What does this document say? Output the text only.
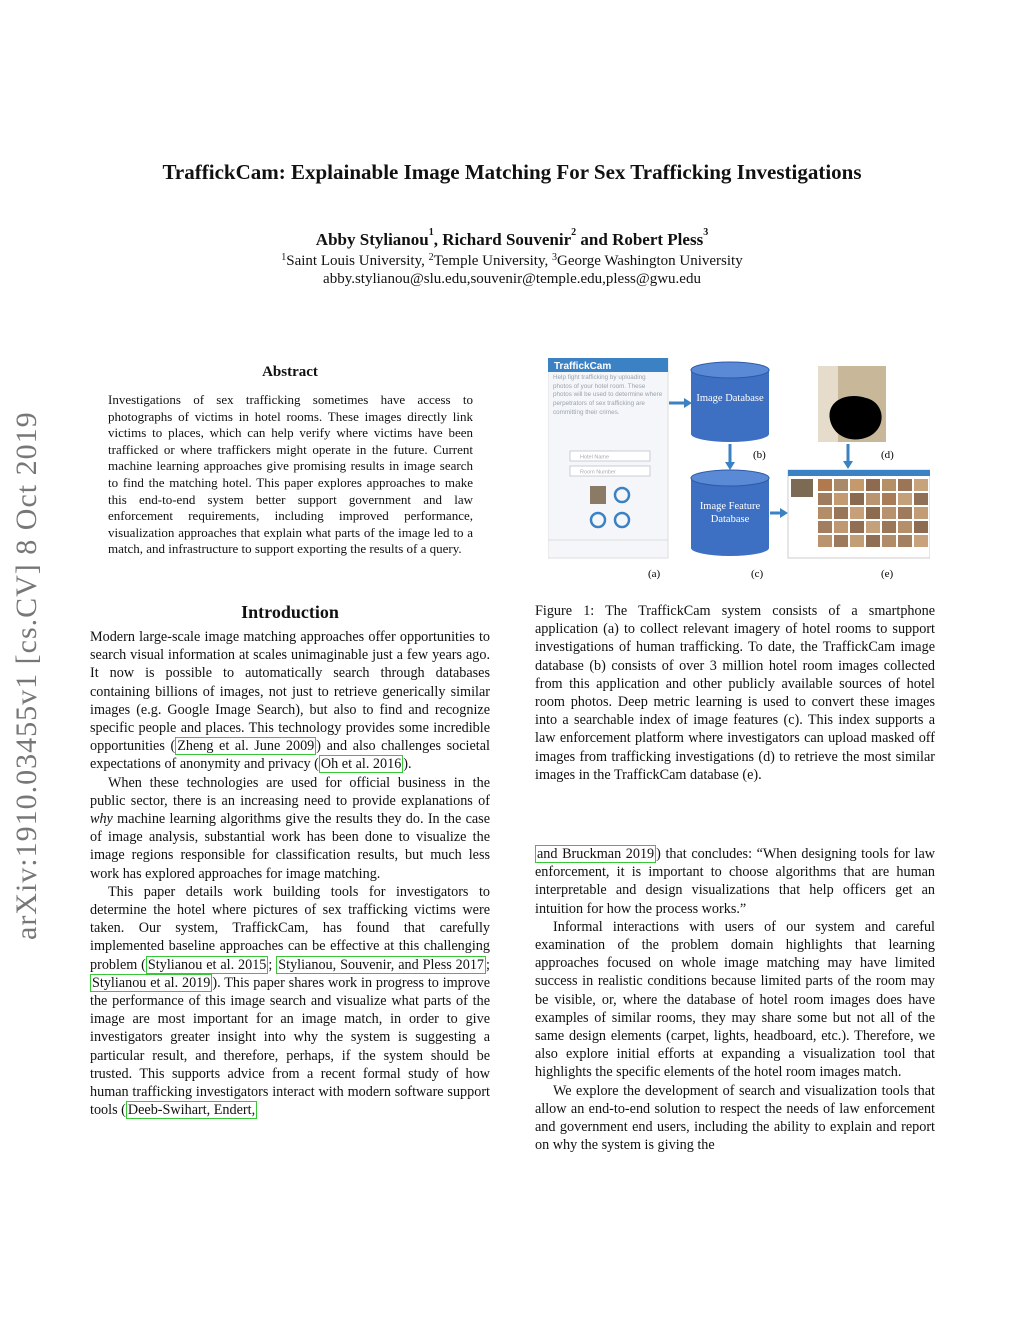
arXiv:1910.03455v1 [cs.CV] 8 Oct 2019
TraffickCam: Explainable Image Matching For Sex Trafficking Investigations
Abby Stylianou$^1$, Richard Souvenir$^2$ and Robert Pless$^3$
$^1$Saint Louis University, $^2$Temple University, $^3$George Washington University
abby.stylianou@slu.edu,souvenir@temple.edu,pless@gwu.edu
Abstract

Investigations of sex trafficking sometimes have access to photographs of victims in hotel rooms. These images directly link victims to places, which can help verify where victims have been trafficked or where traffickers might operate in the future. Current machine learning approaches give promising results in image search to find the matching hotel. This paper explores approaches to make this end-to-end system better support government and law enforcement requirements, including improved performance, visualization approaches that explain what parts of the image led to a match, and infrastructure to support exporting the results of a query.

Introduction

Modern large-scale image matching approaches offer opportunities to search visual information at scales unimaginable just a few years ago. It now is possible to automatically search through databases containing billions of images, not just to retrieve generically similar images (e.g. Google Image Search), but also to find and recognize specific people and places. This technology provides some incredible opportunities ( Zheng et al. June 2009 ) and also challenges societal expectations of anonymity and privacy ( Oh et al. 2016 ).

When these technologies are used for official business in the public sector, there is an increasing need to provide explanations of why machine learning algorithms give the results they do. In the case of image analysis, substantial work has been done to visualize the image regions responsible for classification results, but much less work has explored approaches for image matching.

This paper details work building tools for investigators to determine the hotel where pictures of sex trafficking victims were taken. Our system, TraffickCam, has found that carefully implemented baseline approaches can be effective at this challenging problem ( Stylianou et al. 2015 ; Stylianou, Souvenir, and Pless 2017 ; Stylianou et al. 2019 ). This paper shares work in progress to improve the performance of this image search and visualize what parts of the image are most important for an image match, in order to give investigators greater insight into why the system is suggesting a particular result, and therefore, perhaps, if the system should be trusted. This supports advice from a recent formal study of how human trafficking investigators interact with modern software support tools ( Deeb-Swihart, Endert,

TraffickCam
Help fight trafficking by uploading photos of your hotel room. These photos will be used to determine where perpetrators of sex trafficking are committing their crimes.
Hotel Name
Room Number
Image Database
(b)
Image Feature Database
(d)
(a)	(c)	(e)

Figure 1: The TraffickCam system consists of a smartphone application (a) to collect relevant imagery of hotel rooms to support investigations of human trafficking. To date, the TraffickCam image database (b) consists of over 3 million hotel room images collected from this application and other publicly available sources of hotel room photos. Deep metric learning is used to convert these images into a searchable index of image features (c). This index supports a law enforcement platform where investigators can upload masked off images from trafficking investigations (d) to retrieve the most similar images in the TraffickCam database (e).

and Bruckman 2019 ) that concludes: “When designing tools for law enforcement, it is important to choose algorithms that are human interpretable and design visualizations that help officers get an intuition for how the process works.”

Informal interactions with users of our system and careful examination of the problem domain highlights that learning approaches focused on whole image matching may have limited success in realistic conditions because limited parts of the room may be visible, or, where the database of hotel room images does have examples of similar rooms, they may share some but not all of the same design elements (carpet, lights, headboard, etc.). Therefore, we also explore initial efforts at expanding a visualization tool that highlights the specific elements of the hotel room images match.

We explore the development of search and visualization tools that allow an end-to-end solution to respect the needs of law enforcement and government end users, including the ability to explain and report on why the system is giving the
